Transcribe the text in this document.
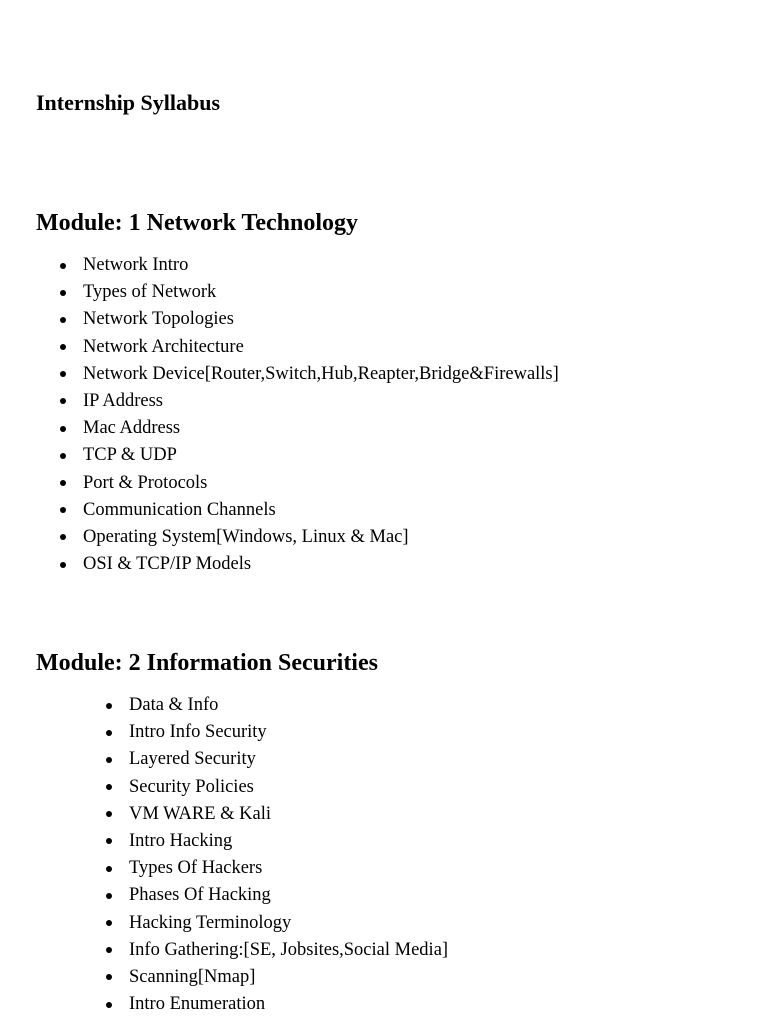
Internship Syllabus
Module: 1 Network Technology
Network Intro
Types of Network
Network Topologies
Network Architecture
Network Device[Router,Switch,Hub,Reapter,Bridge&Firewalls]
IP Address
Mac Address
TCP & UDP
Port & Protocols
Communication Channels
Operating System[Windows, Linux & Mac]
OSI & TCP/IP Models
Module: 2 Information Securities
Data & Info
Intro Info Security
Layered Security
Security Policies
VM WARE & Kali
Intro Hacking
Types Of Hackers
Phases Of Hacking
Hacking Terminology
Info Gathering:[SE, Jobsites,Social Media]
Scanning[Nmap]
Intro Enumeration
